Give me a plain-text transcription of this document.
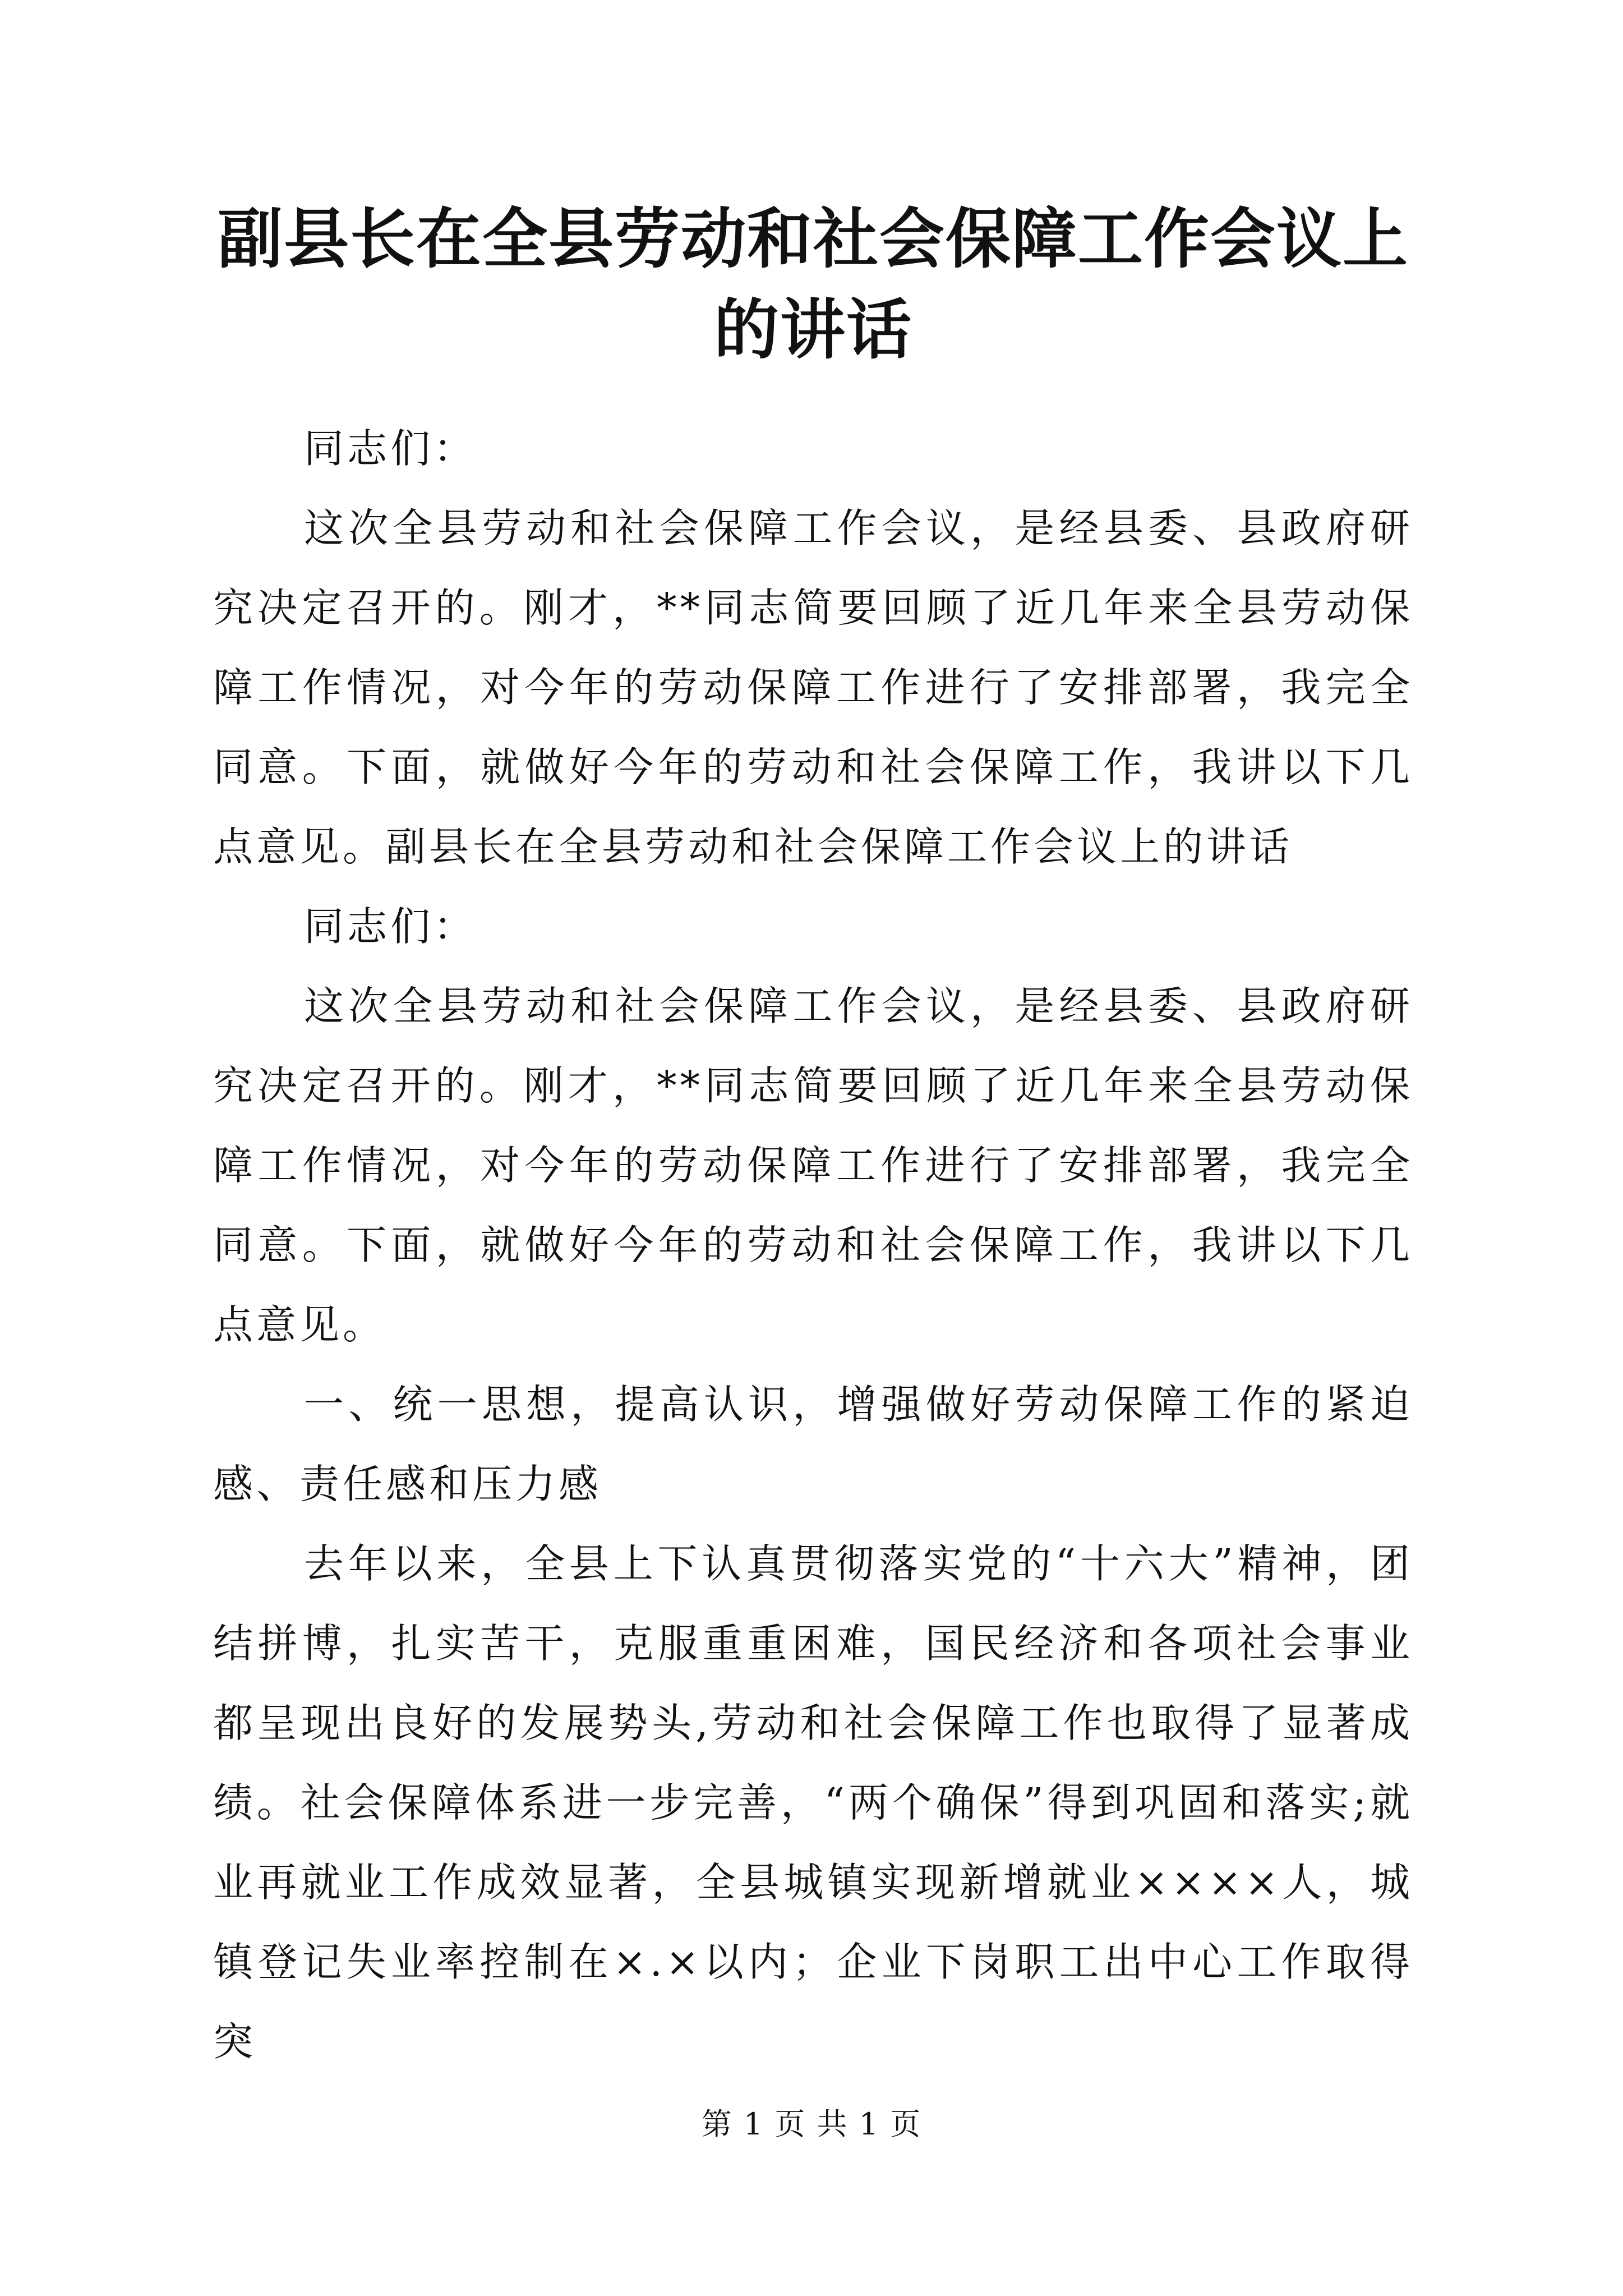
副县长在全县劳动和社会保障工作会议上的讲话

同志们：

这次全县劳动和社会保障工作会议，是经县委、县政府研究决定召开的。刚才，**同志简要回顾了近几年来全县劳动保障工作情况，对今年的劳动保障工作进行了安排部署，我完全同意。下面，就做好今年的劳动和社会保障工作，我讲以下几点意见。副县长在全县劳动和社会保障工作会议上的讲话

同志们：

这次全县劳动和社会保障工作会议，是经县委、县政府研究决定召开的。刚才，**同志简要回顾了近几年来全县劳动保障工作情况，对今年的劳动保障工作进行了安排部署，我完全同意。下面，就做好今年的劳动和社会保障工作，我讲以下几点意见。

一、统一思想，提高认识，增强做好劳动保障工作的紧迫感、责任感和压力感

去年以来，全县上下认真贯彻落实党的“十六大”精神，团结拼博，扎实苦干，克服重重困难，国民经济和各项社会事业都呈现出良好的发展势头,劳动和社会保障工作也取得了显著成绩。社会保障体系进一步完善，“两个确保”得到巩固和落实;就业再就业工作成效显著，全县城镇实现新增就业××××人，城镇登记失业率控制在×.×以内；企业下岗职工出中心工作取得突

第 1 页 共 1 页
